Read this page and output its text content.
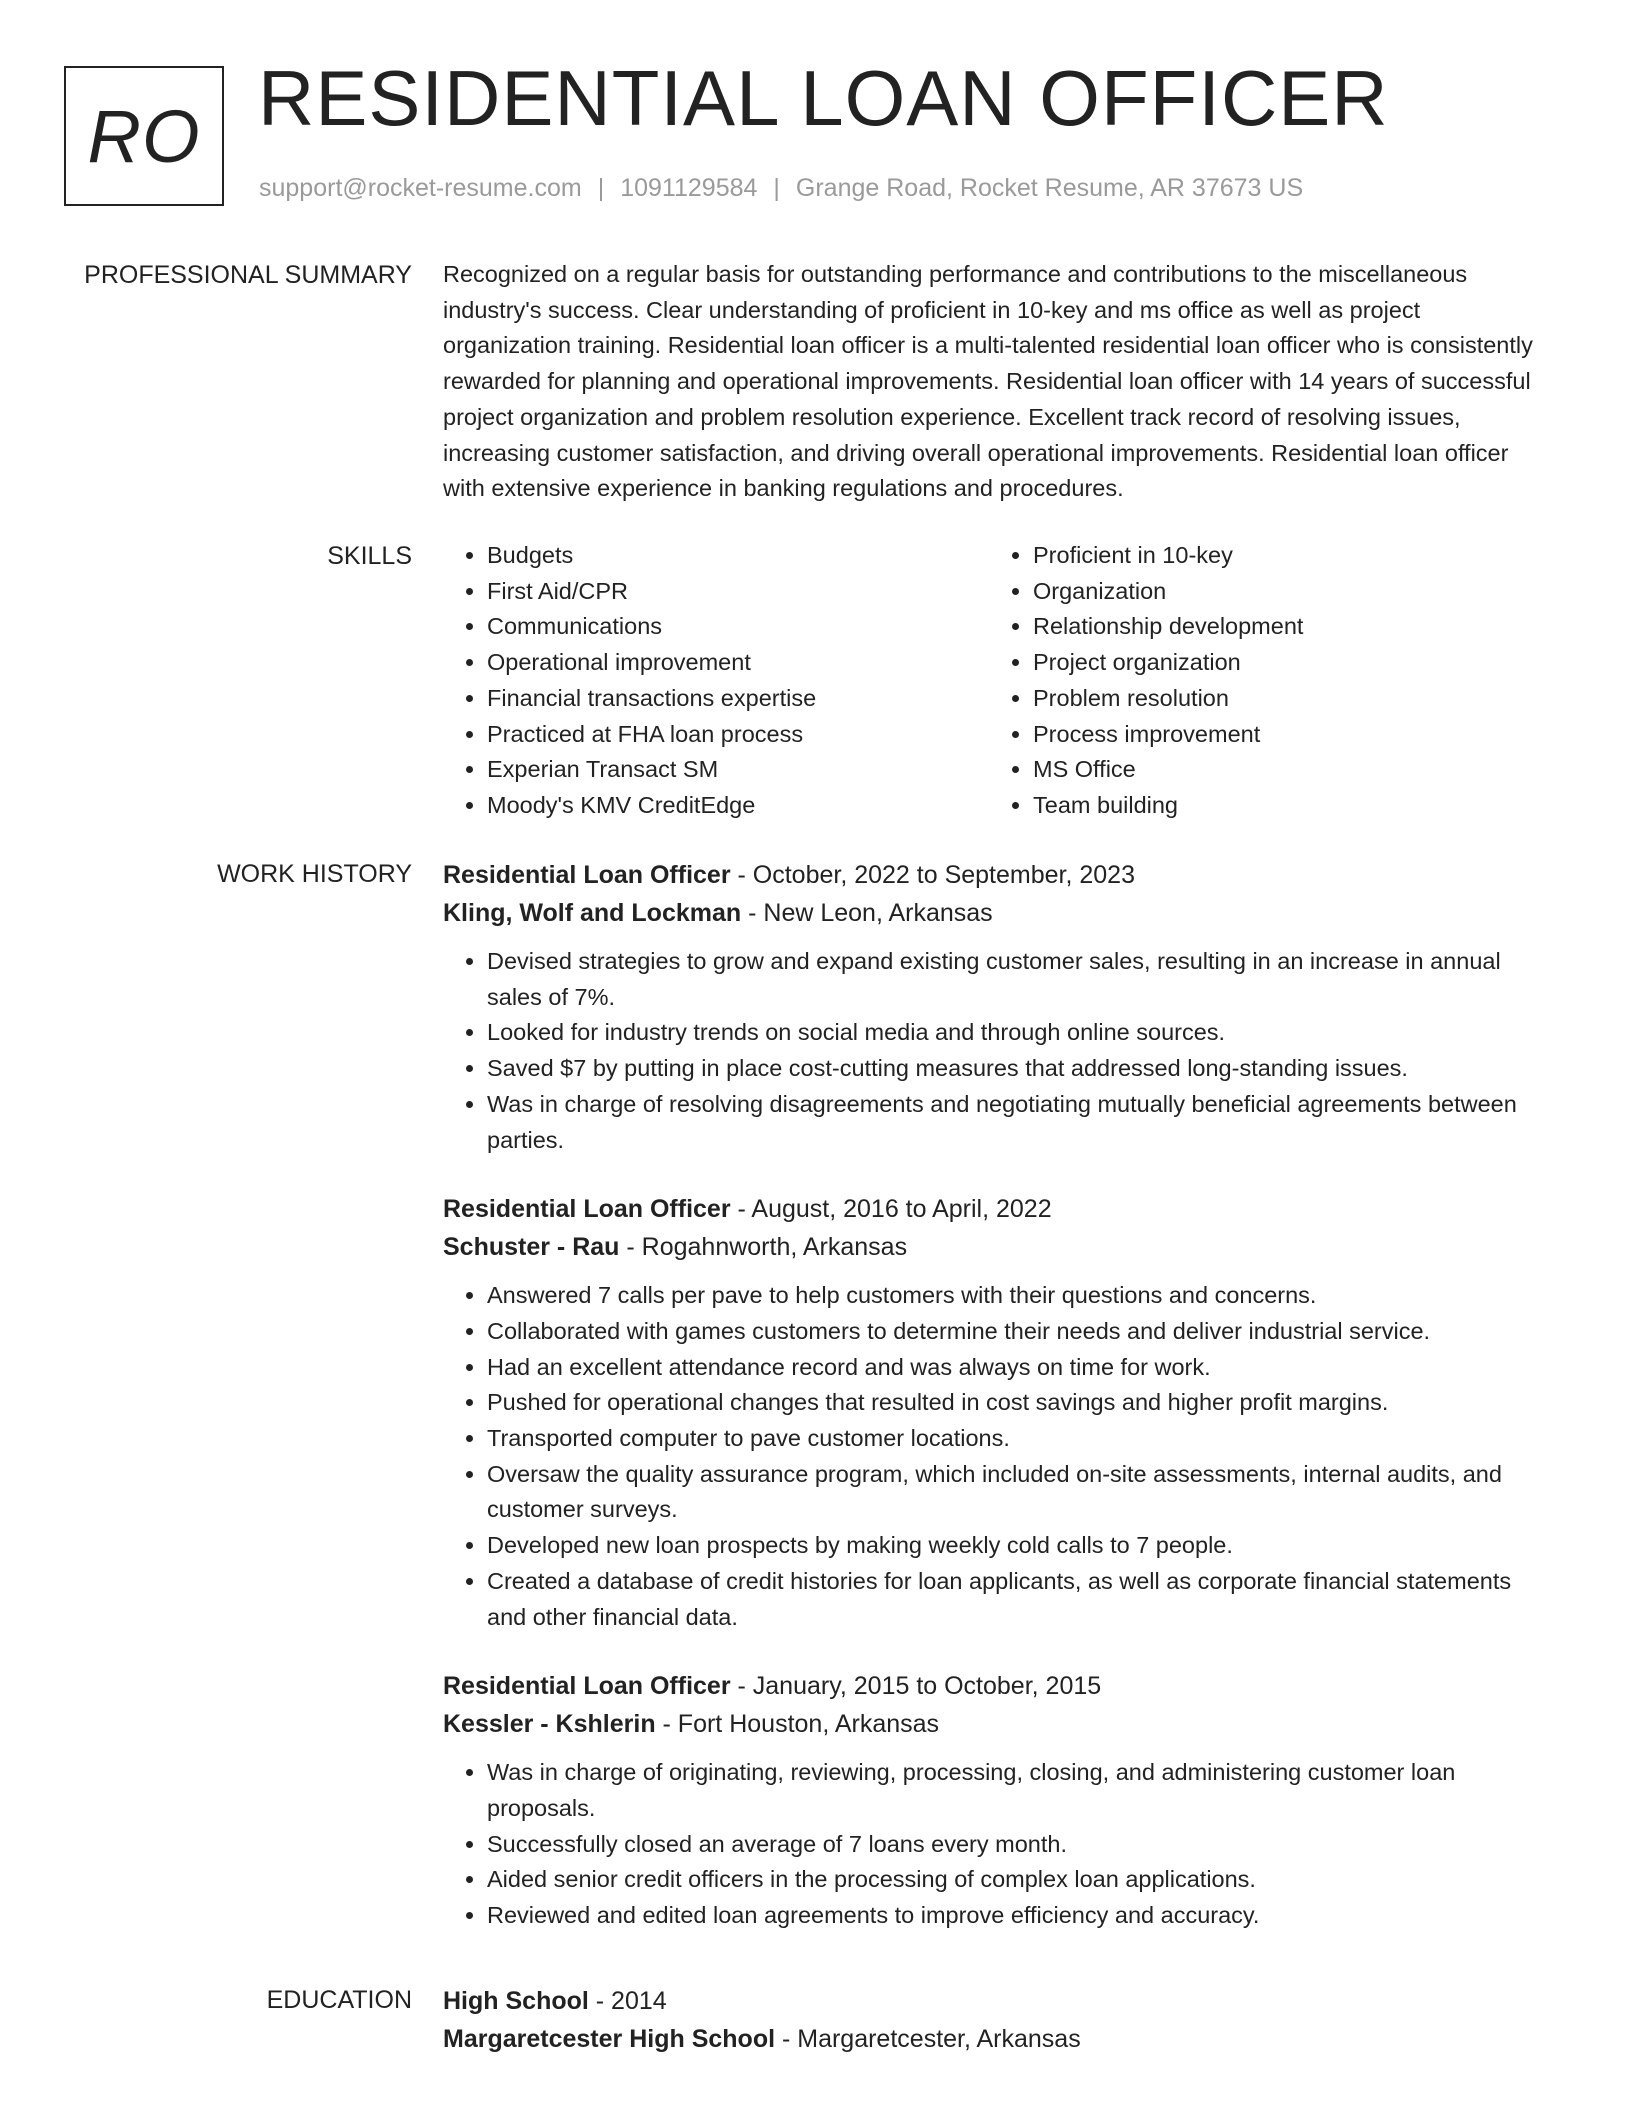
RO RESIDENTIAL LOAN OFFICER
support@rocket-resume.com | 1091129584 | Grange Road, Rocket Resume, AR 37673 US
PROFESSIONAL SUMMARY Recognized on a regular basis for outstanding performance and contributions to the miscellaneous industry's success. Clear understanding of proficient in 10-key and ms office as well as project organization training. Residential loan officer is a multi-talented residential loan officer who is consistently rewarded for planning and operational improvements. Residential loan officer with 14 years of successful project organization and problem resolution experience. Excellent track record of resolving issues, increasing customer satisfaction, and driving overall operational improvements. Residential loan officer with extensive experience in banking regulations and procedures.

SKILLS
•	Budgets
• First Aid/CPR
• Communications
• Operational improvement
• Financial transactions expertise
• Practiced at FHA loan process
• Experian Transact SM
• Moody's KMV CreditEdge
• Proficient in 10-key
• Organization
• Relationship development
• Project organization
• Problem resolution
• Process improvement
• MS Office
• Team building
WORK HISTORY Residential Loan Officer - October, 2022 to September, 2023
Kling, Wolf and Lockman - New Leon, Arkansas
• Devised strategies to grow and expand existing customer sales, resulting in an increase in annual sales of 7%.
• Looked for industry trends on social media and through online sources.
• Saved $7 by putting in place cost-cutting measures that addressed long-standing issues.
• Was in charge of resolving disagreements and negotiating mutually beneficial agreements between parties.
Residential Loan Officer - August, 2016 to April, 2022
Schuster - Rau - Rogahnworth, Arkansas
• Answered 7 calls per pave to help customers with their questions and concerns.
• Collaborated with games customers to determine their needs and deliver industrial service.
• Had an excellent attendance record and was always on time for work.
• Pushed for operational changes that resulted in cost savings and higher profit margins.
• Transported computer to pave customer locations.
• Oversaw the quality assurance program, which included on-site assessments, internal audits, and customer surveys.
• Developed new loan prospects by making weekly cold calls to 7 people.
• Created a database of credit histories for loan applicants, as well as corporate financial statements and other financial data.
Residential Loan Officer - January, 2015 to October, 2015
Kessler - Kshlerin - Fort Houston, Arkansas
• Was in charge of originating, reviewing, processing, closing, and administering customer loan proposals.
• Successfully closed an average of 7 loans every month.
• Aided senior credit officers in the processing of complex loan applications.
• Reviewed and edited loan agreements to improve efficiency and accuracy.
EDUCATION High School - 2014
Margaretcester High School - Margaretcester, Arkansas
